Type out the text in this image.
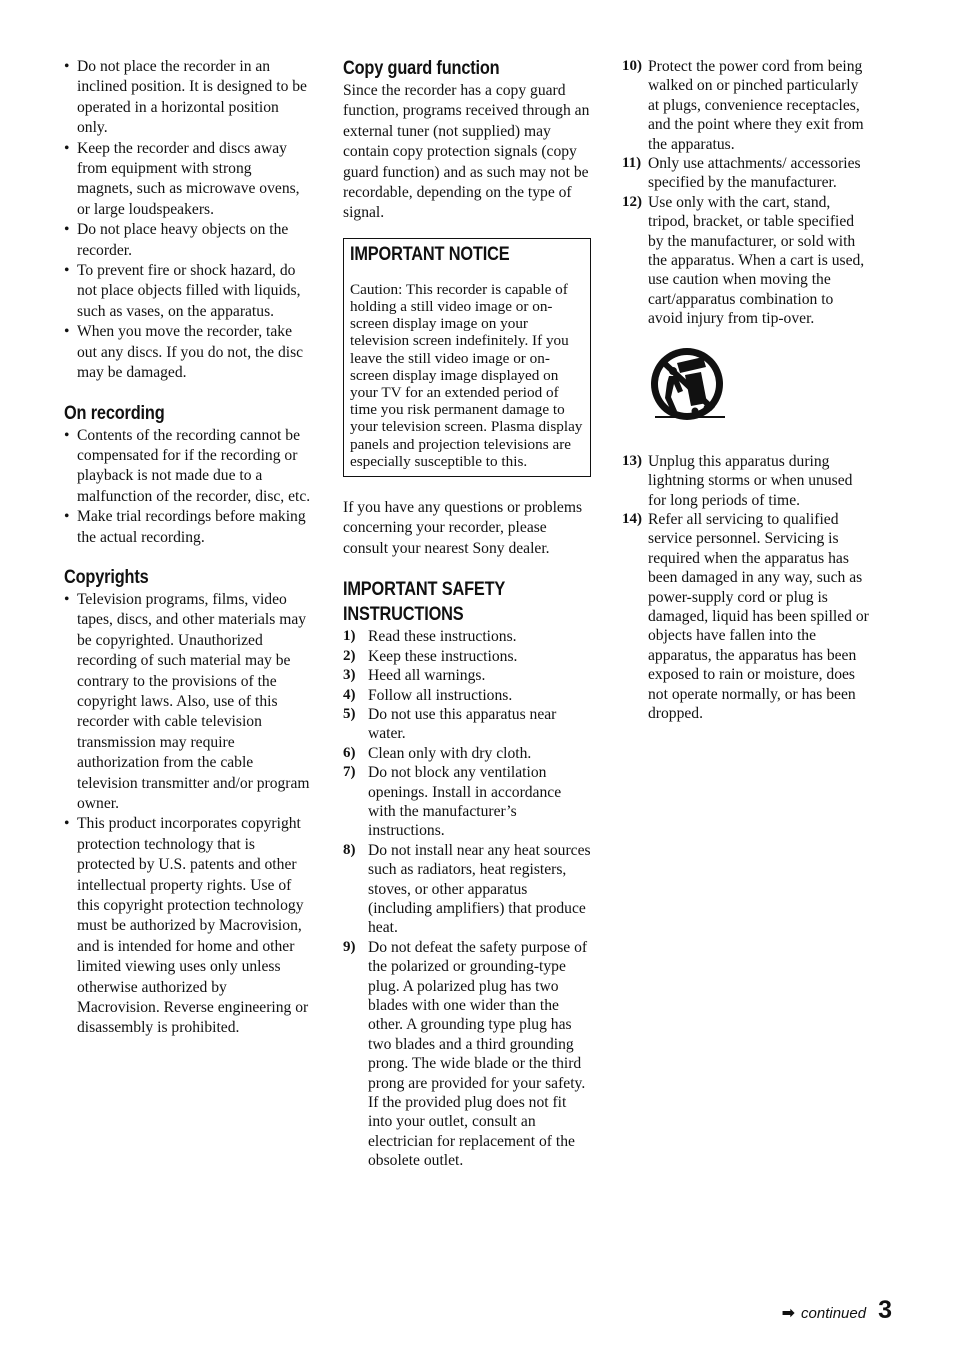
• Do not place the recorder in an inclined position. It is designed to be operated in a horizontal position only.
• Keep the recorder and discs away from equipment with strong magnets, such as microwave ovens, or large loudspeakers.
• Do not place heavy objects on the recorder.
• To prevent fire or shock hazard, do not place objects filled with liquids, such as vases, on the apparatus.
• When you move the recorder, take out any discs. If you do not, the disc may be damaged.
On recording
• Contents of the recording cannot be compensated for if the recording or playback is not made due to a malfunction of the recorder, disc, etc.
• Make trial recordings before making the actual recording.
Copyrights
• Television programs, films, video tapes, discs, and other materials may be copyrighted. Unauthorized recording of such material may be contrary to the provisions of the copyright laws. Also, use of this recorder with cable television transmission may require authorization from the cable television transmitter and/or program owner.
• This product incorporates copyright protection technology that is protected by U.S. patents and other intellectual property rights. Use of this copyright protection technology must be authorized by Macrovision, and is intended for home and other limited viewing uses only unless otherwise authorized by Macrovision. Reverse engineering or disassembly is prohibited.
Copy guard function

Since the recorder has a copy guard function, programs received through an external tuner (not supplied) may contain copy protection signals (copy guard function) and as such may not be recordable, depending on the type of signal.

IMPORTANT NOTICE

Caution: This recorder is capable of holding a still video image or on-screen display image on your television screen indefinitely. If you leave the still video image or on-screen display image displayed on your TV for an extended period of time you risk permanent damage to your television screen. Plasma display panels and projection televisions are especially susceptible to this.

If you have any questions or problems concerning your recorder, please consult your nearest Sony dealer.

IMPORTANT SAFETY
INSTRUCTIONS
1) Read these instructions.
2) Keep these instructions.
3) Heed all warnings.
4) Follow all instructions.
5) Do not use this apparatus near water.
6) Clean only with dry cloth.
7) Do not block any ventilation openings. Install in accordance with the manufacturer’s instructions.
8) Do not install near any heat sources such as radiators, heat registers, stoves, or other apparatus (including amplifiers) that produce heat.
9) Do not defeat the safety purpose of the polarized or grounding-type plug. A polarized plug has two blades with one wider than the other. A grounding type plug has two blades and a third grounding prong. The wide blade or the third prong are provided for your safety. If the provided plug does not fit into your outlet, consult an electrician for replacement of the obsolete outlet.
10) Protect the power cord from being walked on or pinched particularly at plugs, convenience receptacles, and the point where they exit from the apparatus.
11) Only use attachments/ accessories specified by the manufacturer.
12) Use only with the cart, stand, tripod, bracket, or table specified by the manufacturer, or sold with the apparatus. When a cart is used, use caution when moving the cart/apparatus combination to avoid injury from tip-over.
13) Unplug this apparatus during lightning storms or when unused for long periods of time.
14) Refer all servicing to qualified service personnel. Servicing is required when the apparatus has been damaged in any way, such as power-supply cord or plug is damaged, liquid has been spilled or objects have fallen into the apparatus, the apparatus has been exposed to rain or moisture, does not operate normally, or has been dropped.
➡ continued 3
